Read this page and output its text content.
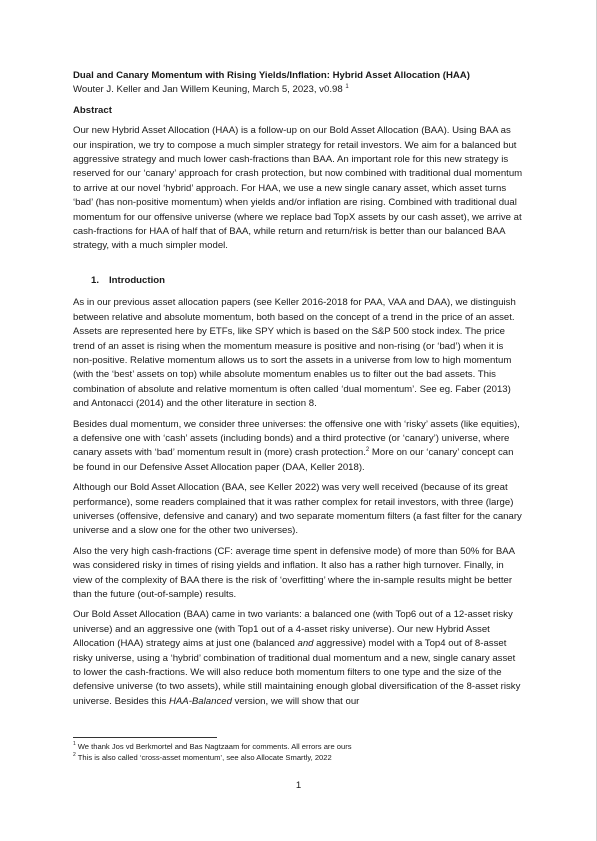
Dual and Canary Momentum with Rising Yields/Inflation: Hybrid Asset Allocation (HAA)

Wouter J. Keller and Jan Willem Keuning, March 5, 2023, v0.98 $^1$

Abstract

Our new Hybrid Asset Allocation (HAA) is a follow-up on our Bold Asset Allocation (BAA). Using BAA as our inspiration, we try to compose a much simpler strategy for retail investors. We aim for a balanced but aggressive strategy and much lower cash-fractions than BAA. An important role for this new strategy is reserved for our ‘canary’ approach for crash protection, but now combined with traditional dual momentum to arrive at our novel ‘hybrid’ approach. For HAA, we use a new single canary asset, which asset turns ‘bad’ (has non-positive momentum) when yields and/or inflation are rising. Combined with traditional dual momentum for our offensive universe (where we replace bad TopX assets by our cash asset), we arrive at cash-fractions for HAA of half that of BAA, while return and return/risk is better than our balanced BAA strategy, with a much simpler model.

1. Introduction

As in our previous asset allocation papers (see Keller 2016-2018 for PAA, VAA and DAA), we distinguish between relative and absolute momentum, both based on the concept of a trend in the price of an asset. Assets are represented here by ETFs, like SPY which is based on the S&P 500 stock index. The price trend of an asset is rising when the momentum measure is positive and non-rising (or ‘bad’) when it is non-positive. Relative momentum allows us to sort the assets in a universe from low to high momentum (with the ‘best’ assets on top) while absolute momentum enables us to filter out the bad assets. This combination of absolute and relative momentum is often called ‘dual momentum’. See eg. Faber (2013) and Antonacci (2014) and the other literature in section 8.

Besides dual momentum, we consider three universes: the offensive one with ‘risky’ assets (like equities), a defensive one with ‘cash’ assets (including bonds) and a third protective (or ‘canary’) universe, where canary assets with ‘bad’ momentum result in (more) crash protection.$^2$ More on our ‘canary’ concept can be found in our Defensive Asset Allocation paper (DAA, Keller 2018).

Although our Bold Asset Allocation (BAA, see Keller 2022) was very well received (because of its great performance), some readers complained that it was rather complex for retail investors, with three (large) universes (offensive, defensive and canary) and two separate momentum filters (a fast filter for the canary universe and a slow one for the other two universes).

Also the very high cash-fractions (CF: average time spent in defensive mode) of more than 50% for BAA was considered risky in times of rising yields and inflation. It also has a rather high turnover. Finally, in view of the complexity of BAA there is the risk of ‘overfitting’ where the in-sample results might be better than the future (out-of-sample) results.

Our Bold Asset Allocation (BAA) came in two variants: a balanced one (with Top6 out of a 12-asset risky universe) and an aggressive one (with Top1 out of a 4-asset risky universe). Our new Hybrid Asset Allocation (HAA) strategy aims at just one (balanced and aggressive) model with a Top4 out of 8-asset risky universe, using a ‘hybrid’ combination of traditional dual momentum and a new, single canary asset to lower the cash-fractions. We will also reduce both momentum filters to one type and the size of the defensive universe (to two assets), while still maintaining enough global diversification of the 8-asset risky universe. Besides this HAA-Balanced version, we will show that our

$^1$ We thank Jos vd Berkmortel and Bas Nagtzaam for comments. All errors are ours

$^2$ This is also called ‘cross-asset momentum’, see also Allocate Smartly, 2022

1
